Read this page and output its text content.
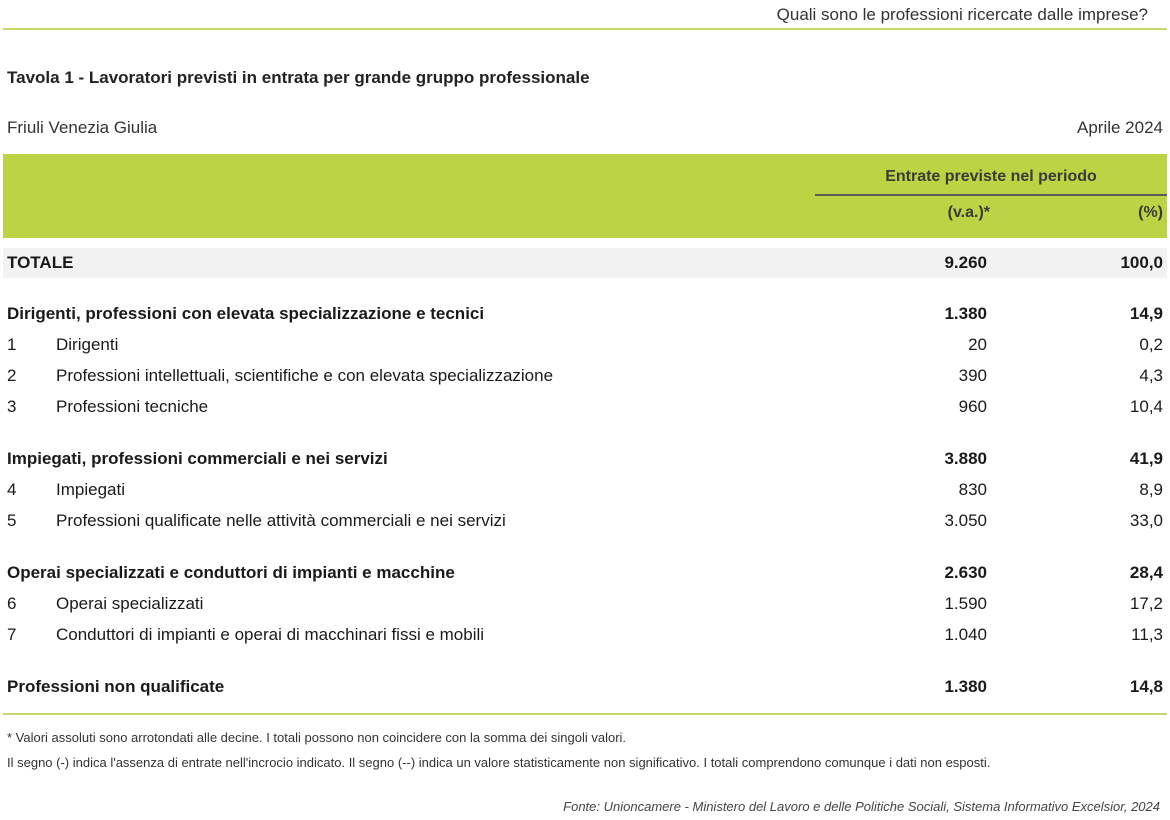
Quali sono le professioni ricercate dalle imprese?
Tavola 1 - Lavoratori previsti in entrata per grande gruppo professionale
Friuli Venezia Giulia	Aprile 2024
Entrate previste nel periodo
(v.a.)*	(%)
TOTALE	9.260	100,0
Dirigenti, professioni con elevata specializzazione e tecnici	1.380	14,9
1 Dirigenti	20	0,2
2 Professioni intellettuali, scientifiche e con elevata specializzazione	390	4,3
3 Professioni tecniche	960	10,4
Impiegati, professioni commerciali e nei servizi	3.880	41,9
4 Impiegati	830	8,9
5 Professioni qualificate nelle attività commerciali e nei servizi	3.050	33,0
Operai specializzati e conduttori di impianti e macchine	2.630	28,4
6 Operai specializzati	1.590	17,2
7 Conduttori di impianti e operai di macchinari fissi e mobili	1.040	11,3
Professioni non qualificate	1.380	14,8
* Valori assoluti sono arrotondati alle decine. I totali possono non coincidere con la somma dei singoli valori.
Il segno (-) indica l'assenza di entrate nell'incrocio indicato. Il segno (--) indica un valore statisticamente non significativo. I totali comprendono comunque i dati non esposti.
Fonte: Unioncamere - Ministero del Lavoro e delle Politiche Sociali, Sistema Informativo Excelsior, 2024
